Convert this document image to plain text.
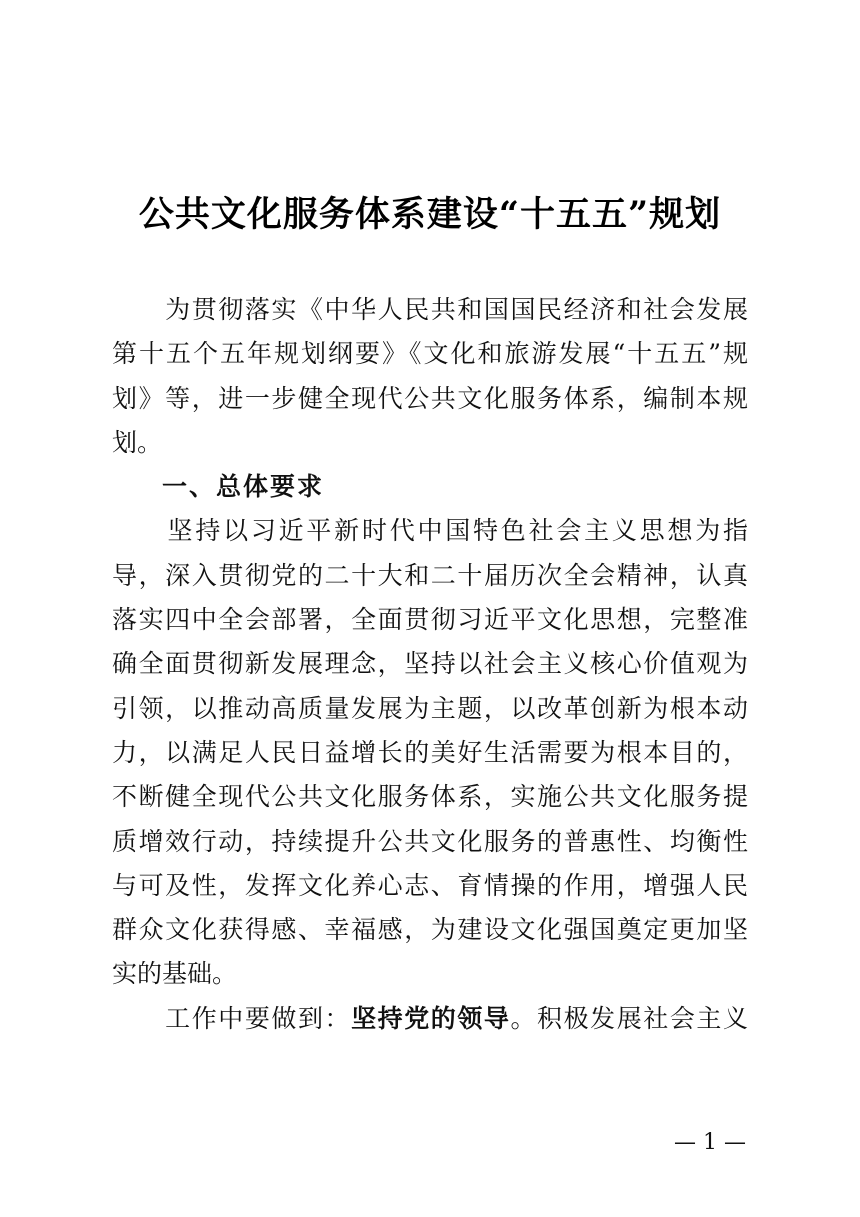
公共文化服务体系建设“十五五”规划
　　为贯彻落实《中华人民共和国国民经济和社会发展
第十五个五年规划纲要》《文化和旅游发展“十五五”规
划》等，进一步健全现代公共文化服务体系，编制本规
划。
一、总体要求
　　坚持以习近平新时代中国特色社会主义思想为指
导，深入贯彻党的二十大和二十届历次全会精神，认真
落实四中全会部署，全面贯彻习近平文化思想，完整准
确全面贯彻新发展理念，坚持以社会主义核心价值观为
引领，以推动高质量发展为主题，以改革创新为根本动
力，以满足人民日益增长的美好生活需要为根本目的，
不断健全现代公共文化服务体系，实施公共文化服务提
质增效行动，持续提升公共文化服务的普惠性、均衡性
与可及性，发挥文化养心志、育情操的作用，增强人民
群众文化获得感、幸福感，为建设文化强国奠定更加坚
实的基础。
　　工作中要做到：坚持党的领导。积极发展社会主义
— 1 —
